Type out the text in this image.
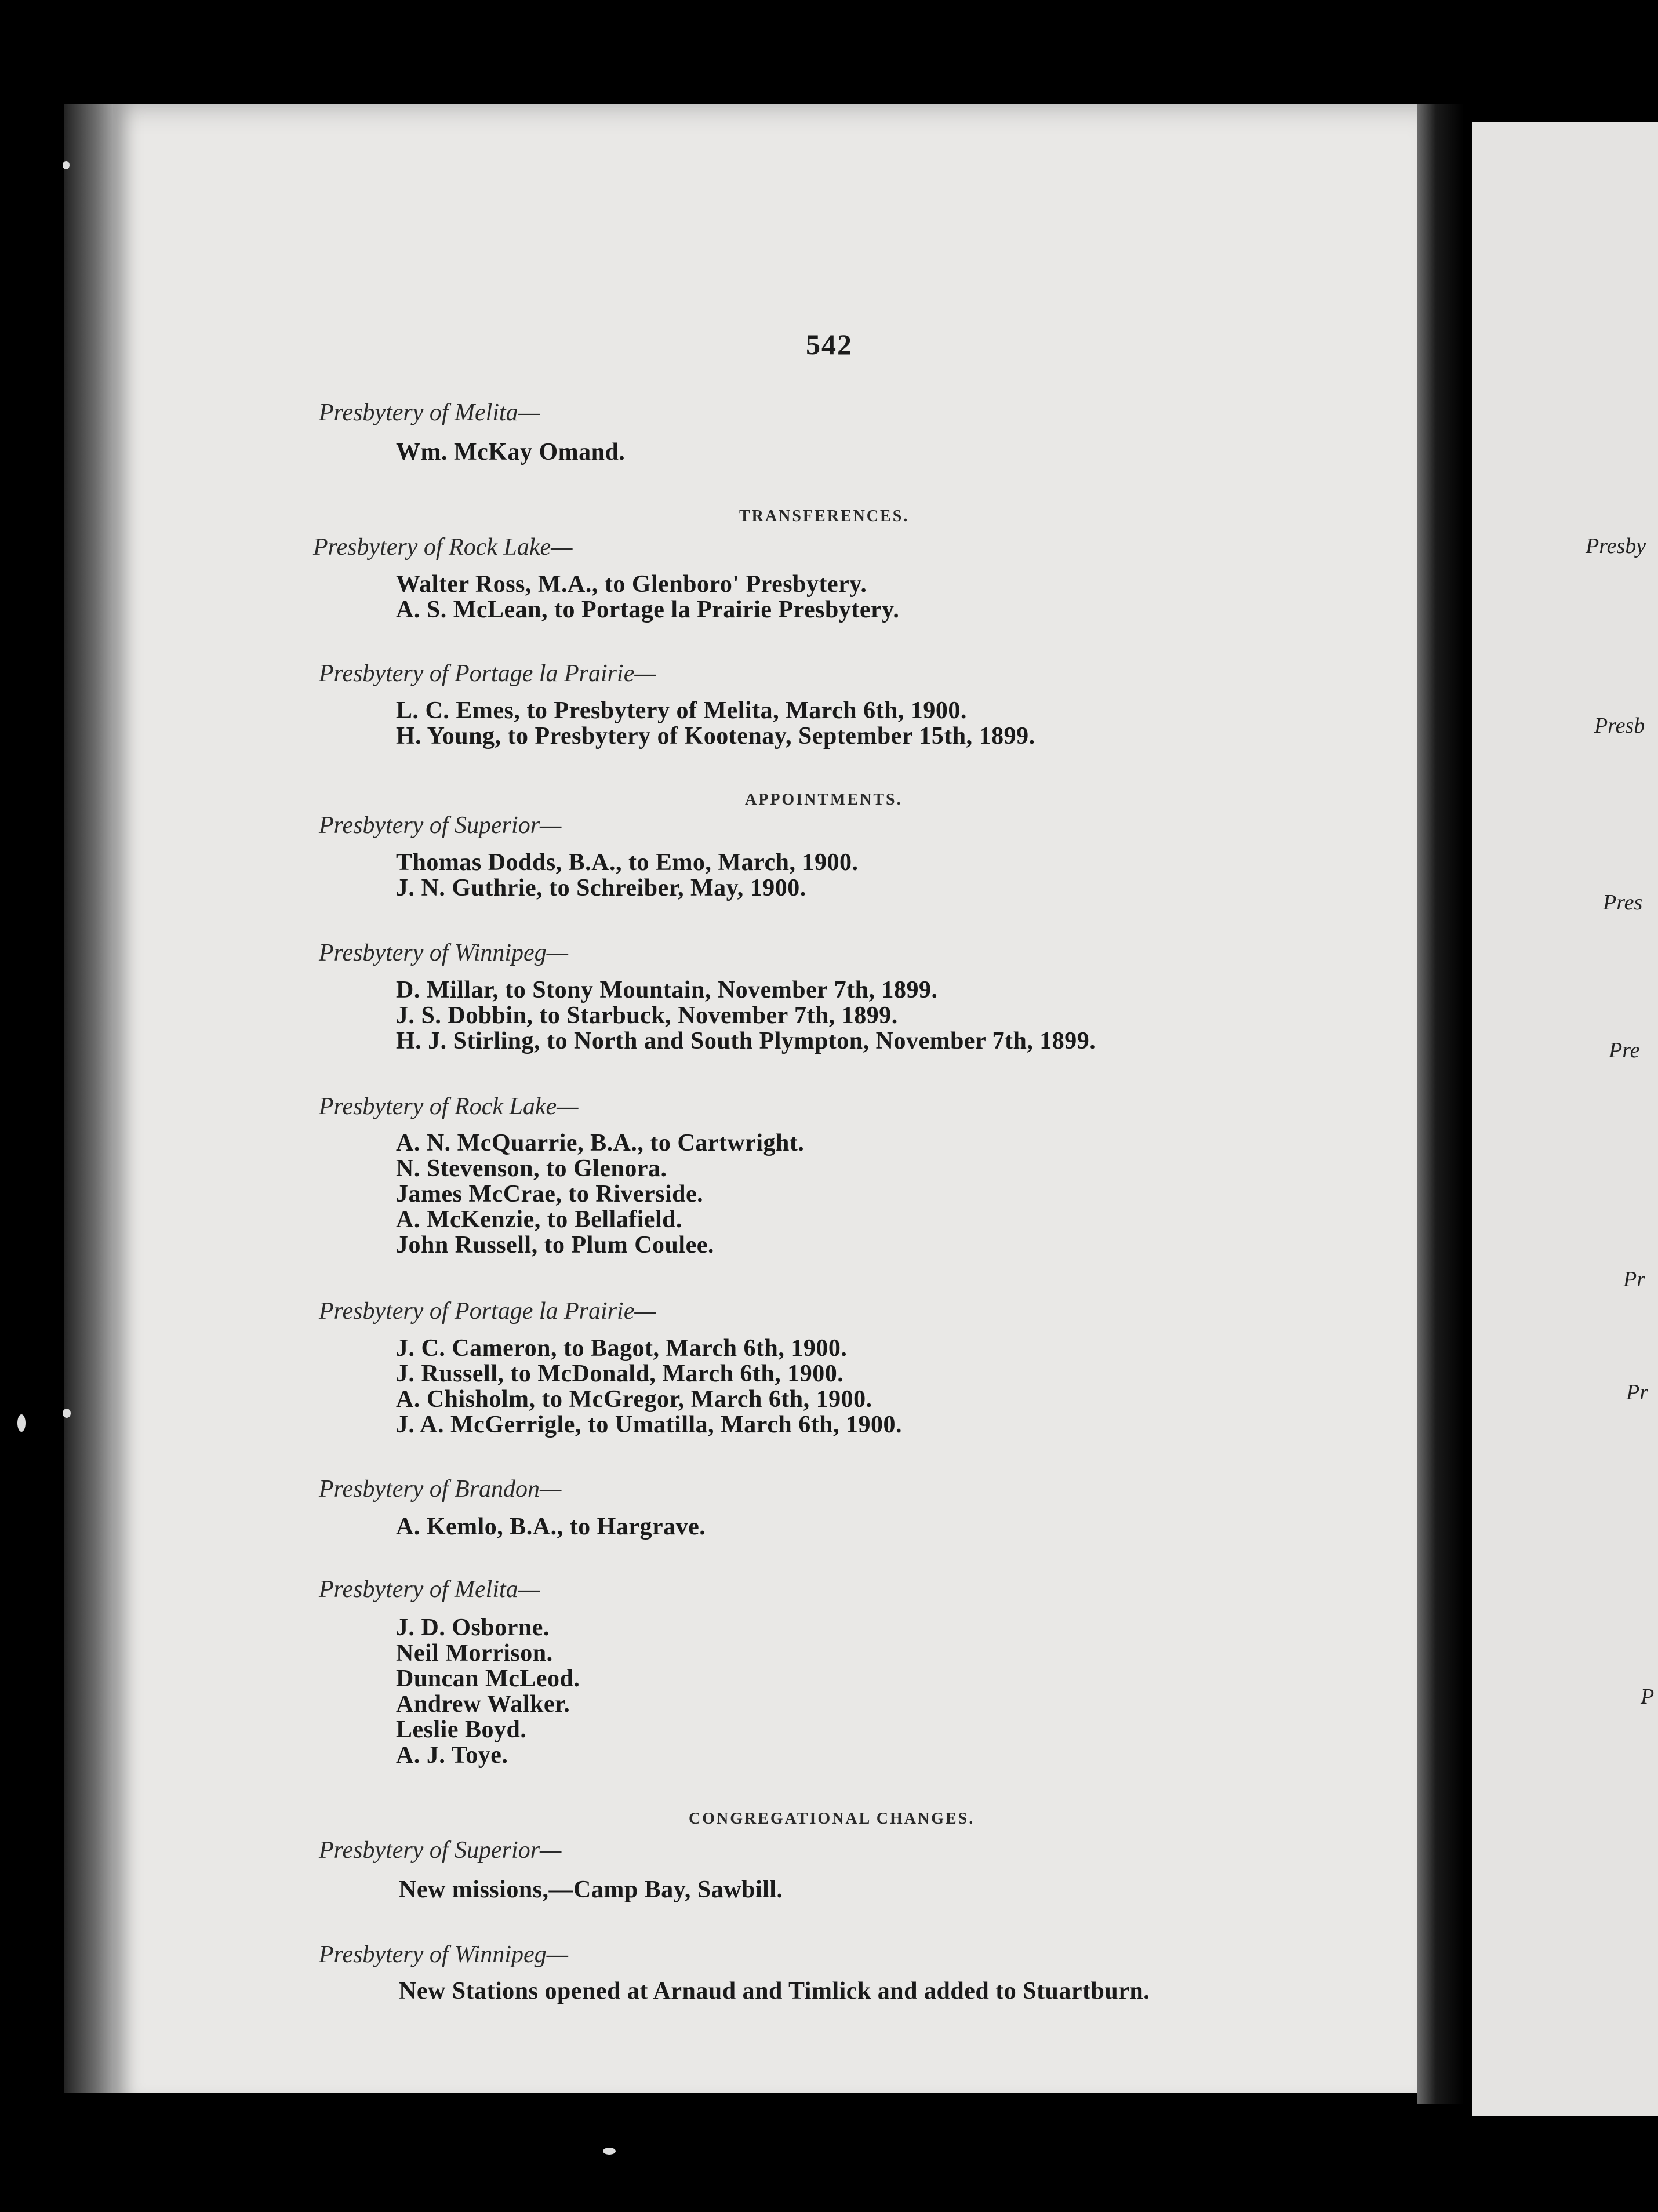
Presby
Presb
Pres
Pre
Pr
Pr
P
542
Presbytery of Melita—
Wm. McKay Omand.
TRANSFERENCES.
Presbytery of Rock Lake—
Walter Ross, M.A., to Glenboro' Presbytery.
A. S. McLean, to Portage la Prairie Presbytery.
Presbytery of Portage la Prairie—
L. C. Emes, to Presbytery of Melita, March 6th, 1900.
H. Young, to Presbytery of Kootenay, September 15th, 1899.
APPOINTMENTS.
Presbytery of Superior—
Thomas Dodds, B.A., to Emo, March, 1900.
J. N. Guthrie, to Schreiber, May, 1900.
Presbytery of Winnipeg—
D. Millar, to Stony Mountain, November 7th, 1899.
J. S. Dobbin, to Starbuck, November 7th, 1899.
H. J. Stirling, to North and South Plympton, November 7th, 1899.
Presbytery of Rock Lake—
A. N. McQuarrie, B.A., to Cartwright.
N. Stevenson, to Glenora.
James McCrae, to Riverside.
A. McKenzie, to Bellafield.
John Russell, to Plum Coulee.
Presbytery of Portage la Prairie—
J. C. Cameron, to Bagot, March 6th, 1900.
J. Russell, to McDonald, March 6th, 1900.
A. Chisholm, to McGregor, March 6th, 1900.
J. A. McGerrigle, to Umatilla, March 6th, 1900.
Presbytery of Brandon—
A. Kemlo, B.A., to Hargrave.
Presbytery of Melita—
J. D. Osborne.
Neil Morrison.
Duncan McLeod.
Andrew Walker.
Leslie Boyd.
A. J. Toye.
CONGREGATIONAL CHANGES.
Presbytery of Superior—
New missions,—Camp Bay, Sawbill.
Presbytery of Winnipeg—
New Stations opened at Arnaud and Timlick and added to Stuartburn.
